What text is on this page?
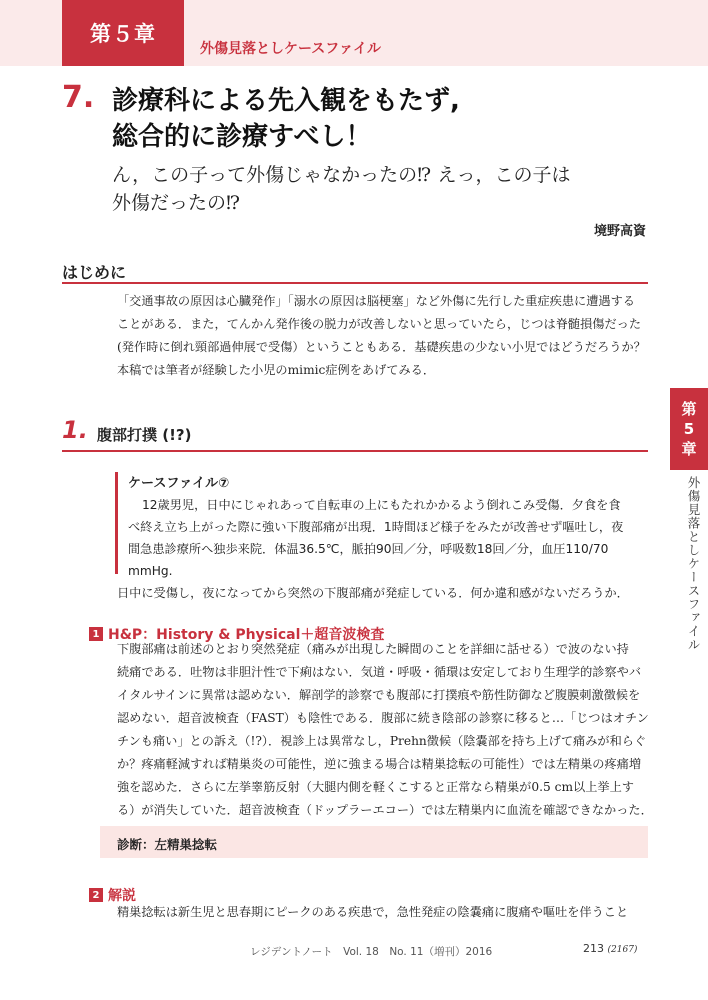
第５章
外傷見落としケースファイル
7. 診療科による先入観をもたず,
総合的に診療すべし！
ん，この子って外傷じゃなかったの⁉ えっ，この子は
外傷だったの⁉
境野高資
はじめに

「交通事故の原因は心臓発作」「溺水の原因は脳梗塞」など外傷に先行した重症疾患に遭遇する

ことがある．また，てんかん発作後の脱力が改善しないと思っていたら，じつは脊髄損傷だった

(発作時に倒れ頸部過伸展で受傷）ということもある．基礎疾患の少ない小児ではどうだろうか？

本稿では筆者が経験した小児のmimic症例をあげてみる．

第
5
章
外傷見落としケースファイル
1. 腹部打撲 (!?)
ケースファイル⑦

12歳男児，日中にじゃれあって自転車の上にもたれかかるよう倒れこみ受傷．夕食を食

べ終え立ち上がった際に強い下腹部痛が出現．1時間ほど様子をみたが改善せず嘔吐し，夜

間急患診療所へ独歩来院．体温36.5℃，脈拍90回／分，呼吸数18回／分，血圧110/70

mmHg.

日中に受傷し，夜になってから突然の下腹部痛が発症している．何か違和感がないだろうか．

1 H&P：History & Physical＋超音波検査

下腹部痛は前述のとおり突然発症（痛みが出現した瞬間のことを詳細に話せる）で波のない持

続痛である．吐物は非胆汁性で下痢はない．気道・呼吸・循環は安定しており生理学的診察やバ

イタルサインに異常は認めない．解剖学的診察でも腹部に打撲痕や筋性防御など腹膜刺激徴候を

認めない．超音波検査（FAST）も陰性である．腹部に続き陰部の診察に移ると…「じつはオチン

チンも痛い」との訴え（!?）．視診上は異常なし，Prehn徴候（陰嚢部を持ち上げて痛みが和らぐ

か？疼痛軽減すれば精巣炎の可能性，逆に強まる場合は精巣捻転の可能性）では左精巣の疼痛増

強を認めた．さらに左挙睾筋反射（大腿内側を軽くこすると正常なら精巣が0.5 cm以上挙上す

る）が消失していた．超音波検査（ドップラーエコー）では左精巣内に血流を確認できなかった．

診断：左精巣捻転
2 解説

精巣捻転は新生児と思春期にピークのある疾患で，急性発症の陰嚢痛に腹痛や嘔吐を伴うこと

レジデントノート　Vol. 18　No. 11（増刊）2016	213 (2167)
